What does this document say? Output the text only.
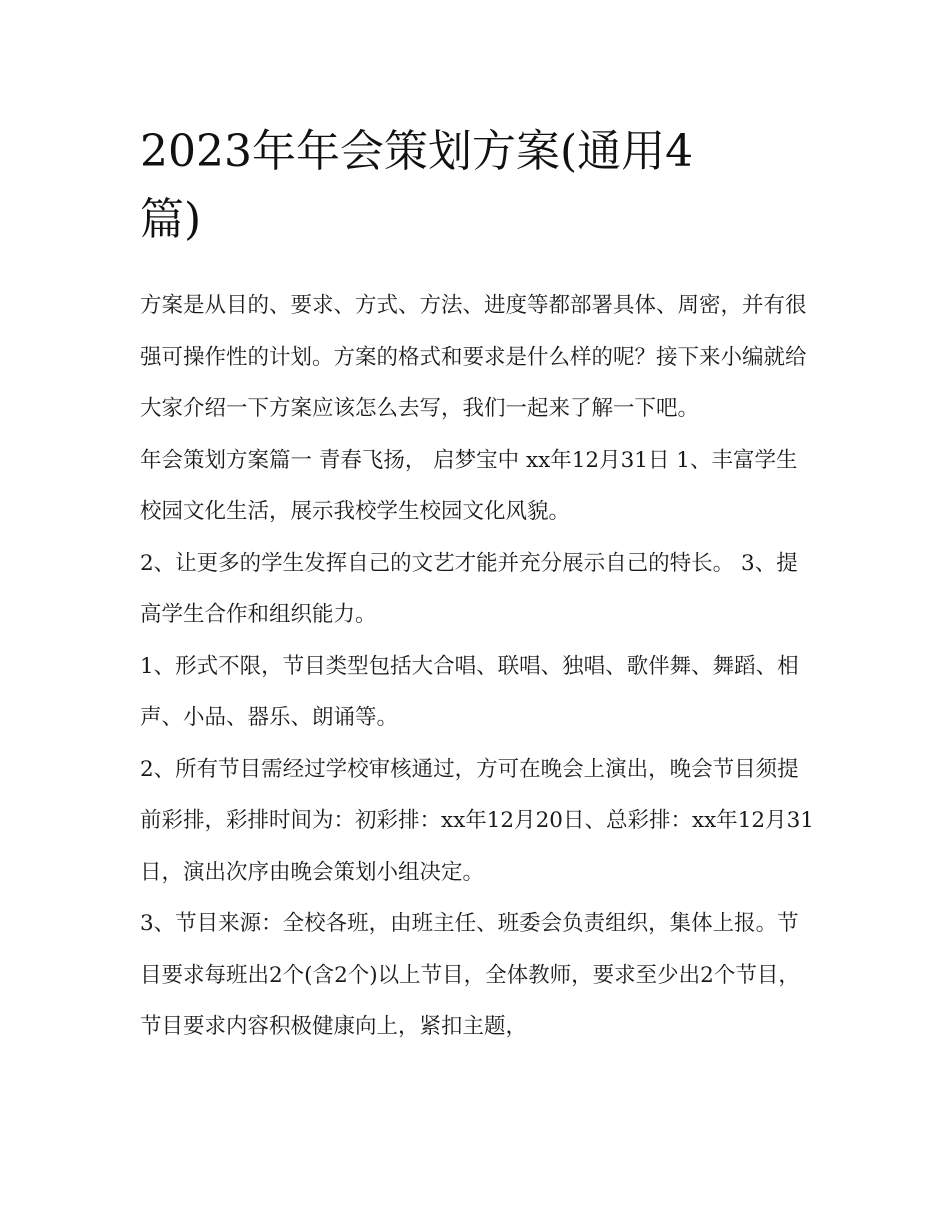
2023年年会策划方案(通用4
篇)

方案是从目的、要求、方式、方法、进度等都部署具体、周密，并有很强可操作性的计划。方案的格式和要求是什么样的呢？接下来小编就给大家介绍一下方案应该怎么去写，我们一起来了解一下吧。

年会策划方案篇一 青春飞扬， 启梦宝中 xx年12月31日 1、丰富学生校园文化生活，展示我校学生校园文化风貌。

2、让更多的学生发挥自己的文艺才能并充分展示自己的特长。 3、提高学生合作和组织能力。

1、形式不限，节目类型包括大合唱、联唱、独唱、歌伴舞、舞蹈、相声、小品、器乐、朗诵等。

2、所有节目需经过学校审核通过，方可在晚会上演出，晚会节目须提前彩排，彩排时间为：初彩排：xx年12月20日、总彩排：xx年12月31日，演出次序由晚会策划小组决定。

3、节目来源：全校各班，由班主任、班委会负责组织，集体上报。节目要求每班出2个(含2个)以上节目，全体教师，要求至少出2个节目，节目要求内容积极健康向上，紧扣主题，
